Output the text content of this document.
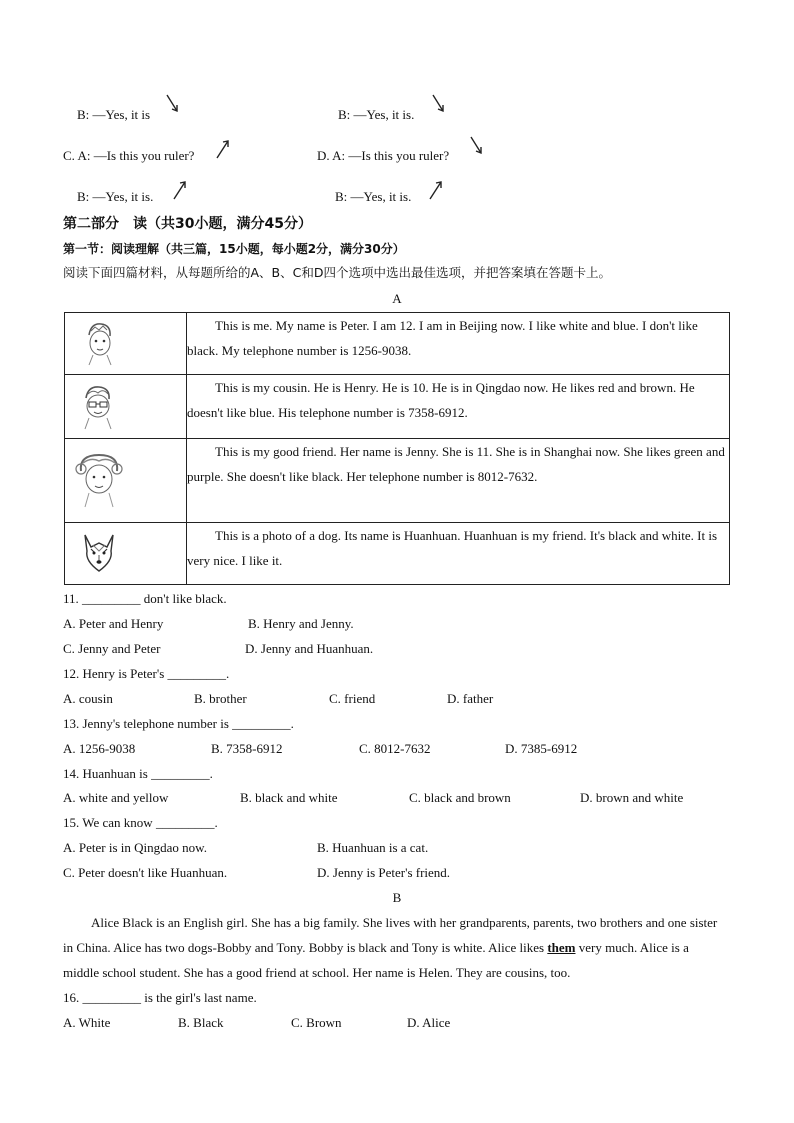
B: —Yes, it is	B: —Yes, it is.
C. A: —Is this you ruler?	D. A: —Is this you ruler?
B: —Yes, it is.	B: —Yes, it is.
第二部分　读（共30小题，满分45分）
第一节：阅读理解（共三篇，15小题，每小题2分，满分30分）
阅读下面四篇材料，从每题所给的A、B、C和D四个选项中选出最佳选项，并把答案填在答题卡上。
A
	This is me. My name is Peter. I am 12. I am in Beijing now. I like white and blue. I don't like black. My telephone number is 1256-9038.

	This is my cousin. He is Henry. He is 10. He is in Qingdao now. He likes red and brown. He doesn't like blue. His telephone number is 7358-6912.

	This is my good friend. Her name is Jenny. She is 11. She is in Shanghai now. She likes green and purple. She doesn't like black. Her telephone number is 8012-7632.

	This is a photo of a dog. Its name is Huanhuan. Huanhuan is my friend. It's black and white. It is very nice. I like it.
11. _________ don't like black.
A. Peter and Henry	B. Henry and Jenny.
C. Jenny and Peter	D. Jenny and Huanhuan.
12. Henry is Peter's _________.
A. cousin	B. brother	C. friend	D. father
13. Jenny's telephone number is _________.
A. 1256-9038	B. 7358-6912	C. 8012-7632	D. 7385-6912
14. Huanhuan is _________.
A. white and yellow	B. black and white	C. black and brown	D. brown and white
15. We can know _________.
A. Peter is in Qingdao now.	B. Huanhuan is a cat.
C. Peter doesn't like Huanhuan.	D. Jenny is Peter's friend.
B
Alice Black is an English girl. She has a big family. She lives with her grandparents, parents, two brothers and one sister in China. Alice has two dogs-Bobby and Tony. Bobby is black and Tony is white. Alice likes them very much. Alice is a middle school student. She has a good friend at school. Her name is Helen. They are cousins, too.
16. _________ is the girl's last name.
A. White	B. Black	C. Brown	D. Alice
